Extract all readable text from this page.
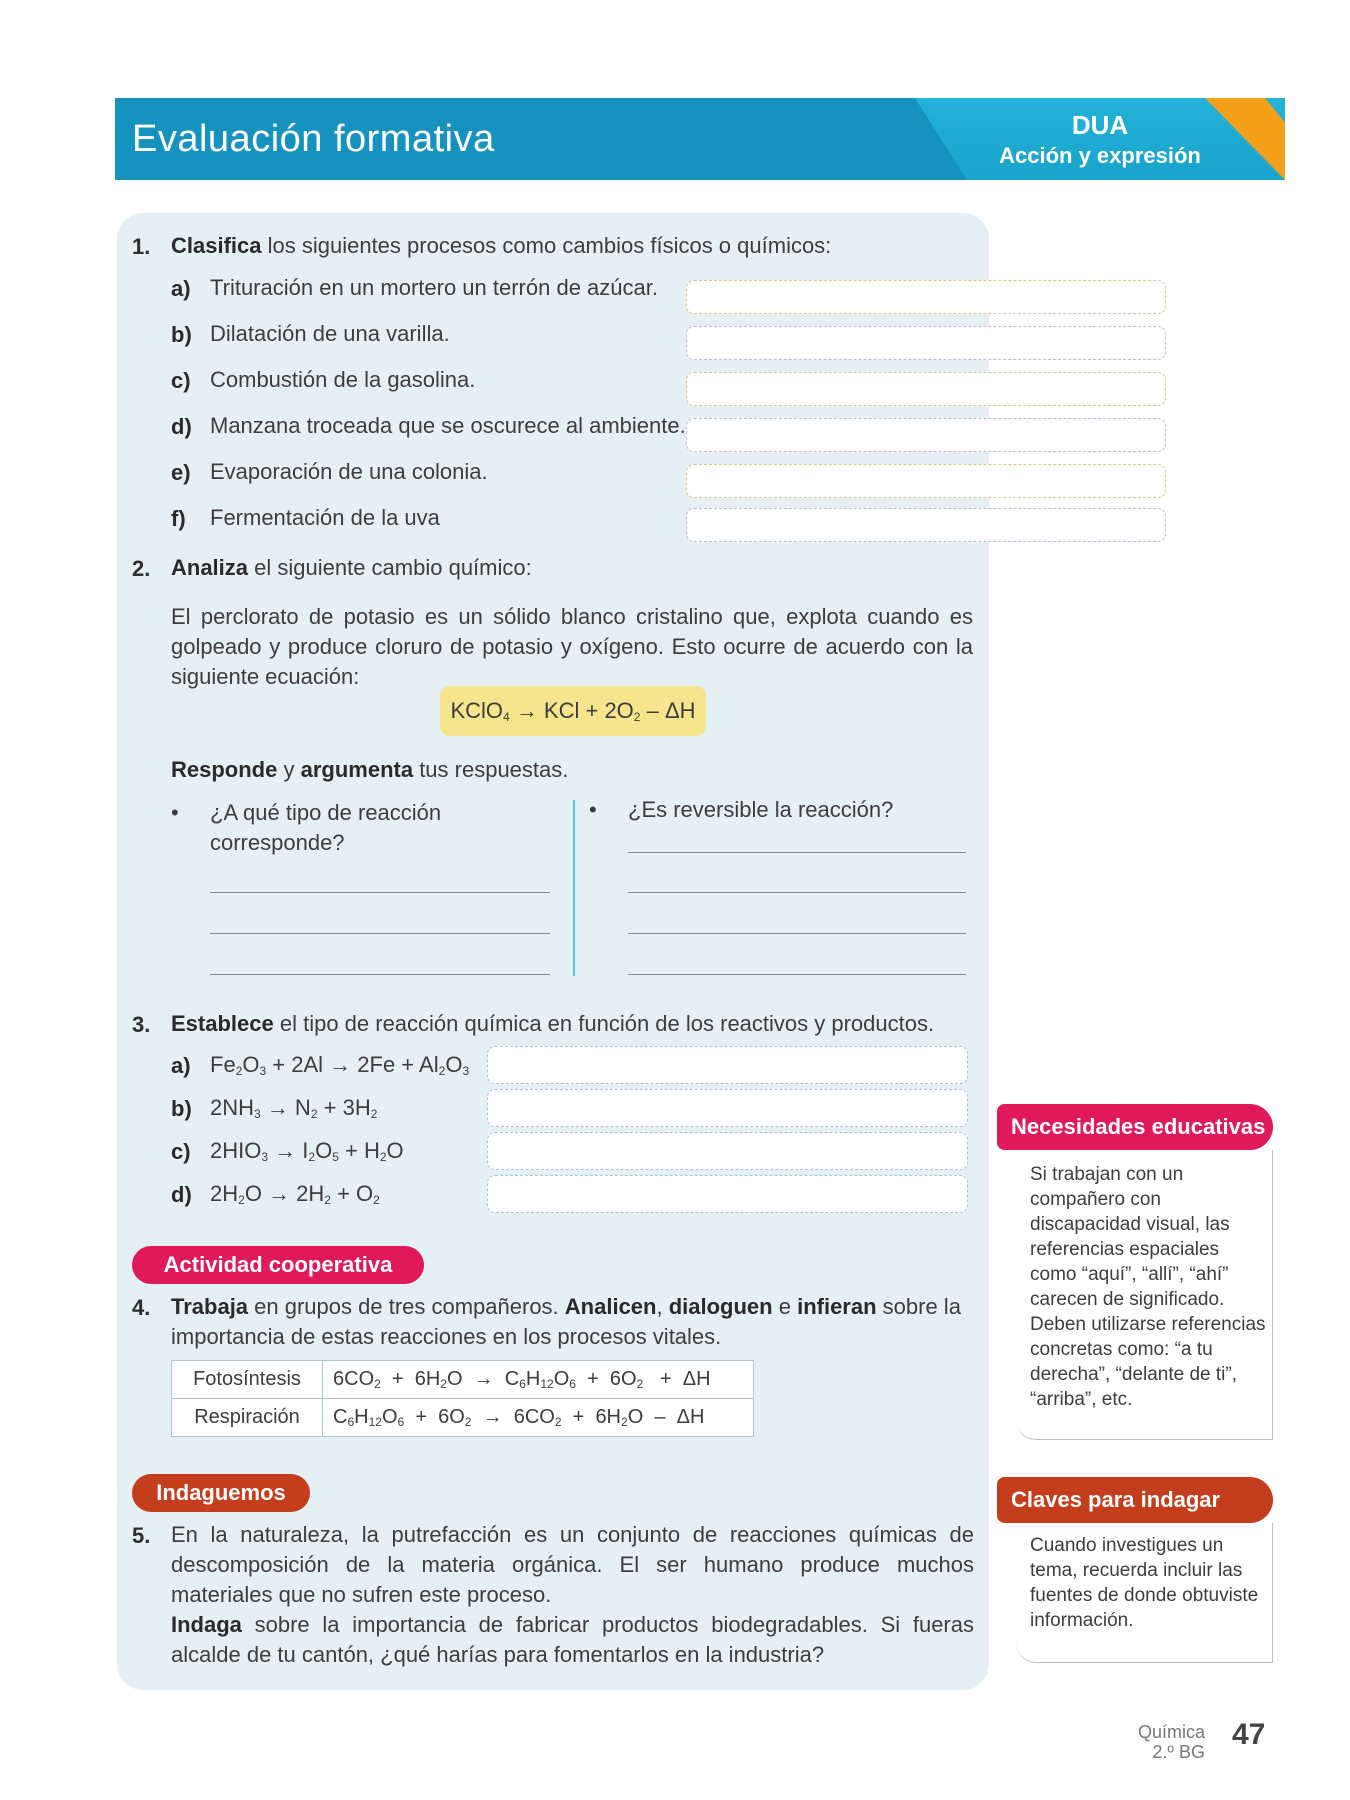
Evaluación formativa	DUA
Acción y expresión
1. Clasifica los siguientes procesos como cambios físicos o químicos:
a) Trituración en un mortero un terrón de azúcar.
b) Dilatación de una varilla.
c) Combustión de la gasolina.
d) Manzana troceada que se oscurece al ambiente.
e) Evaporación de una colonia.
f) Fermentación de la uva
2. Analiza el siguiente cambio químico:
El perclorato de potasio es un sólido blanco cristalino que, explota cuando es golpeado y produce cloruro de potasio y oxígeno. Esto ocurre de acuerdo con la siguiente ecuación:
KClO$_4$ → KCl + $2O_2$ – ΔH
Responde y argumenta tus respuestas.
• ¿A qué tipo de reacción corresponde?
• ¿Es reversible la reacción?
3. Establece el tipo de reacción química en función de los reactivos y productos.
a) $Fe_2O_3 + 2Al \to 2Fe + Al_2O_3$
b) $2NH_3 \to N_2 + 3H_2$
c) $2HIO_3 \to I_2O_5 + H_2O$
d) $2H_2O \to 2H_2 + O_2$
Actividad cooperativa
4. Trabaja en grupos de tres compañeros. Analicen, dialoguen e infieran sobre la importancia de estas reacciones en los procesos vitales.
Fotosíntesis	$6CO_2 + 6H_2O \to C_6H_{12}O_6 + 6O_2 + \Delta H$
Respiración	$C_6H_{12}O_6 + 6O_2 \to 6CO_2 + 6H_2O - \Delta H$
Indaguemos
5. En la naturaleza, la putrefacción es un conjunto de reacciones químicas de descomposición de la materia orgánica. El ser humano produce muchos materiales que no sufren este proceso.
Indaga sobre la importancia de fabricar productos biodegradables. Si fueras alcalde de tu cantón, ¿qué harías para fomentarlos en la industria?
Necesidades educativas
Si trabajan con un compañero con discapacidad visual, las referencias espaciales como “aquí”, “allí”, “ahí” carecen de significado. Deben utilizarse referencias concretas como: “a tu derecha”, “delante de ti”, “arriba”, etc.
Claves para indagar
Cuando investigues un tema, recuerda incluir las fuentes de donde obtuviste información.
Química
2.º BG
47
